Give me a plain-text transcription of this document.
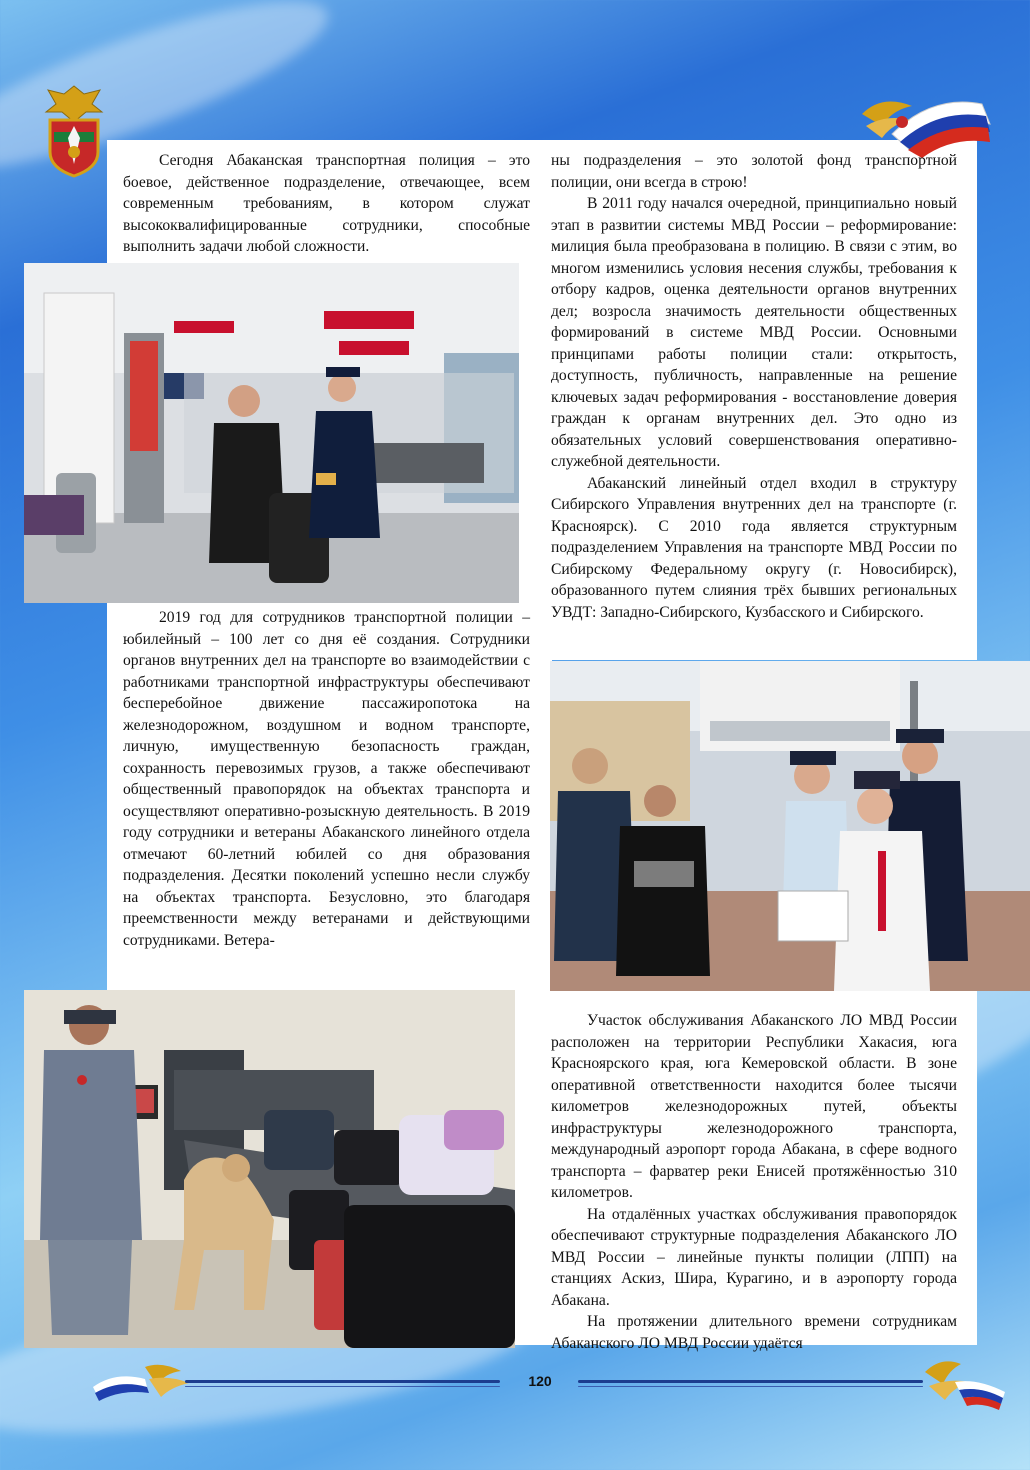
Сегодня Абаканская транспортная полиция – это боевое, действенное подразделение, отвечающее, всем современным требованиям, в котором служат высококвалифицированные сотрудники, способные выполнить задачи любой сложности.

2019 год для сотрудников транспортной полиции – юбилейный – 100 лет со дня её создания. Сотрудники органов внутренних дел на транспорте во взаимодействии с работниками транспортной инфраструктуры обеспечивают бесперебойное движение пассажиропотока на железнодорожном, воздушном и водном транспорте, личную, имущественную безопасность граждан, сохранность перевозимых грузов, а также обеспечивают общественный правопорядок на объектах транспорта и осуществляют оперативно-розыскную деятельность. В 2019 году сотрудники и ветераны Абаканского линейного отдела отмечают 60-летний юбилей со дня образования подразделения. Десятки поколений успешно несли службу на объектах транспорта. Безусловно, это благодаря преемственности между ветеранами и действующими сотрудниками. Ветера-

ны подразделения – это золотой фонд транспортной полиции, они всегда в строю!

В 2011 году начался очередной, принципиально новый этап в развитии системы МВД России – реформирование: милиция была преобразована в полицию. В связи с этим, во многом изменились условия несения службы, требования к отбору кадров, оценка деятельности органов внутренних дел; возросла значимость деятельности общественных формирований в системе МВД России. Основными принципами работы полиции стали: открытость, доступность, публичность, направленные на решение ключевых задач реформирования - восстановление доверия граждан к органам внутренних дел. Это одно из обязательных условий совершенствования оперативно-служебной деятельности.

Абаканский линейный отдел входил в структуру Сибирского Управления внутренних дел на транспорте (г. Красноярск). С 2010 года является структурным подразделением Управления на транспорте МВД России по Сибирскому Федеральному округу (г. Новосибирск), образованного путем слияния трёх бывших региональных УВДТ: Западно-Сибирского, Кузбасского и Сибирского.

Участок обслуживания Абаканского ЛО МВД России расположен на территории Республики Хакасия, юга Красноярского края, юга Кемеровской области. В зоне оперативной ответственности находится более тысячи километров железнодорожных путей, объекты инфраструктуры железнодорожного транспорта, международный аэропорт города Абакана, в сфере водного транспорта – фарватер реки Енисей протяжённостью 310 километров.

На отдалённых участках обслуживания правопорядок обеспечивают структурные подразделения Абаканского ЛО МВД России – линейные пункты полиции (ЛПП) на станциях Аскиз, Шира, Курагино, и в аэропорту города Абакана.

На протяжении длительного времени сотрудникам Абаканского ЛО МВД России удаётся

120
